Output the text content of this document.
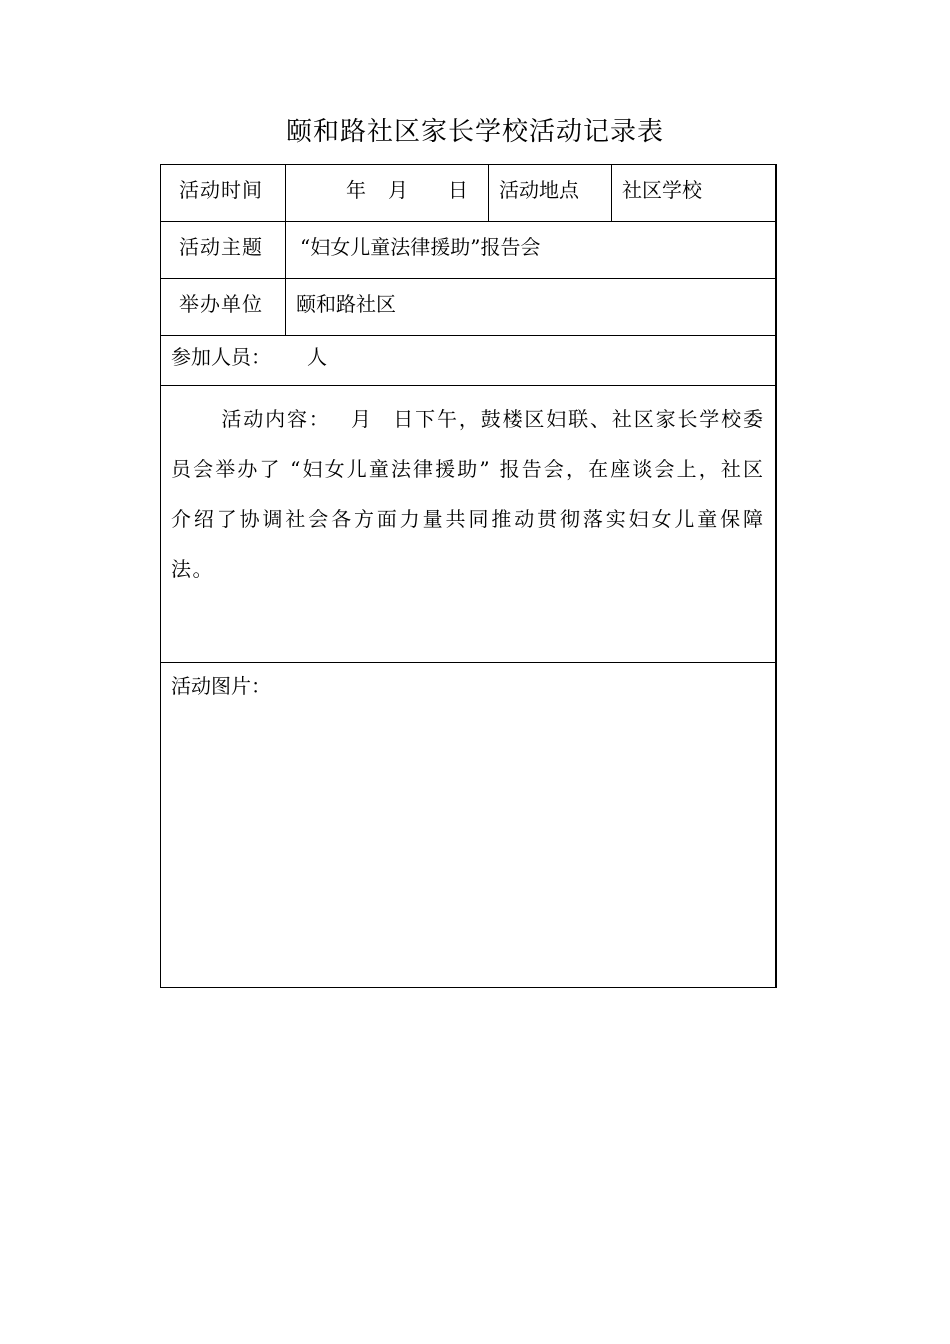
颐和路社区家长学校活动记录表
活动时间	年 月 日	活动地点	社区学校

活动主题	“妇女儿童法律援助”报告会		

举办单位	颐和路社区		

参加人员： 人			

活动内容： 月 日下午，鼓楼区妇联、社区家长学校委员会举办了 “妇女儿童法律援助” 报告会，在座谈会上，社区介绍了协调社会各方面力量共同推动贯彻落实妇女儿童保障法。			

活动图片：			
